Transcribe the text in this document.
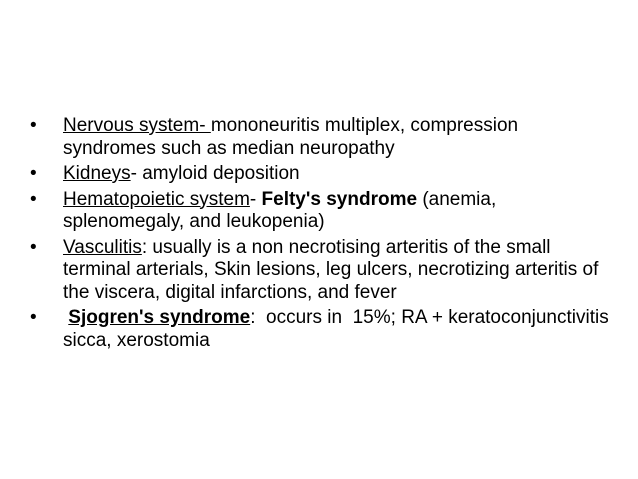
•	Nervous system- mononeuritis multiplex, compression syndromes such as median neuropathy
•	Kidneys- amyloid deposition
•	Hematopoietic system- Felty's syndrome (anemia, splenomegaly, and leukopenia)
•	Vasculitis: usually is a non necrotising arteritis of the small terminal arterials, Skin lesions, leg ulcers, necrotizing arteritis of the viscera, digital infarctions, and fever
•	Sjogren's syndrome:  occurs in  15%; RA + keratoconjunctivitis sicca, xerostomia
